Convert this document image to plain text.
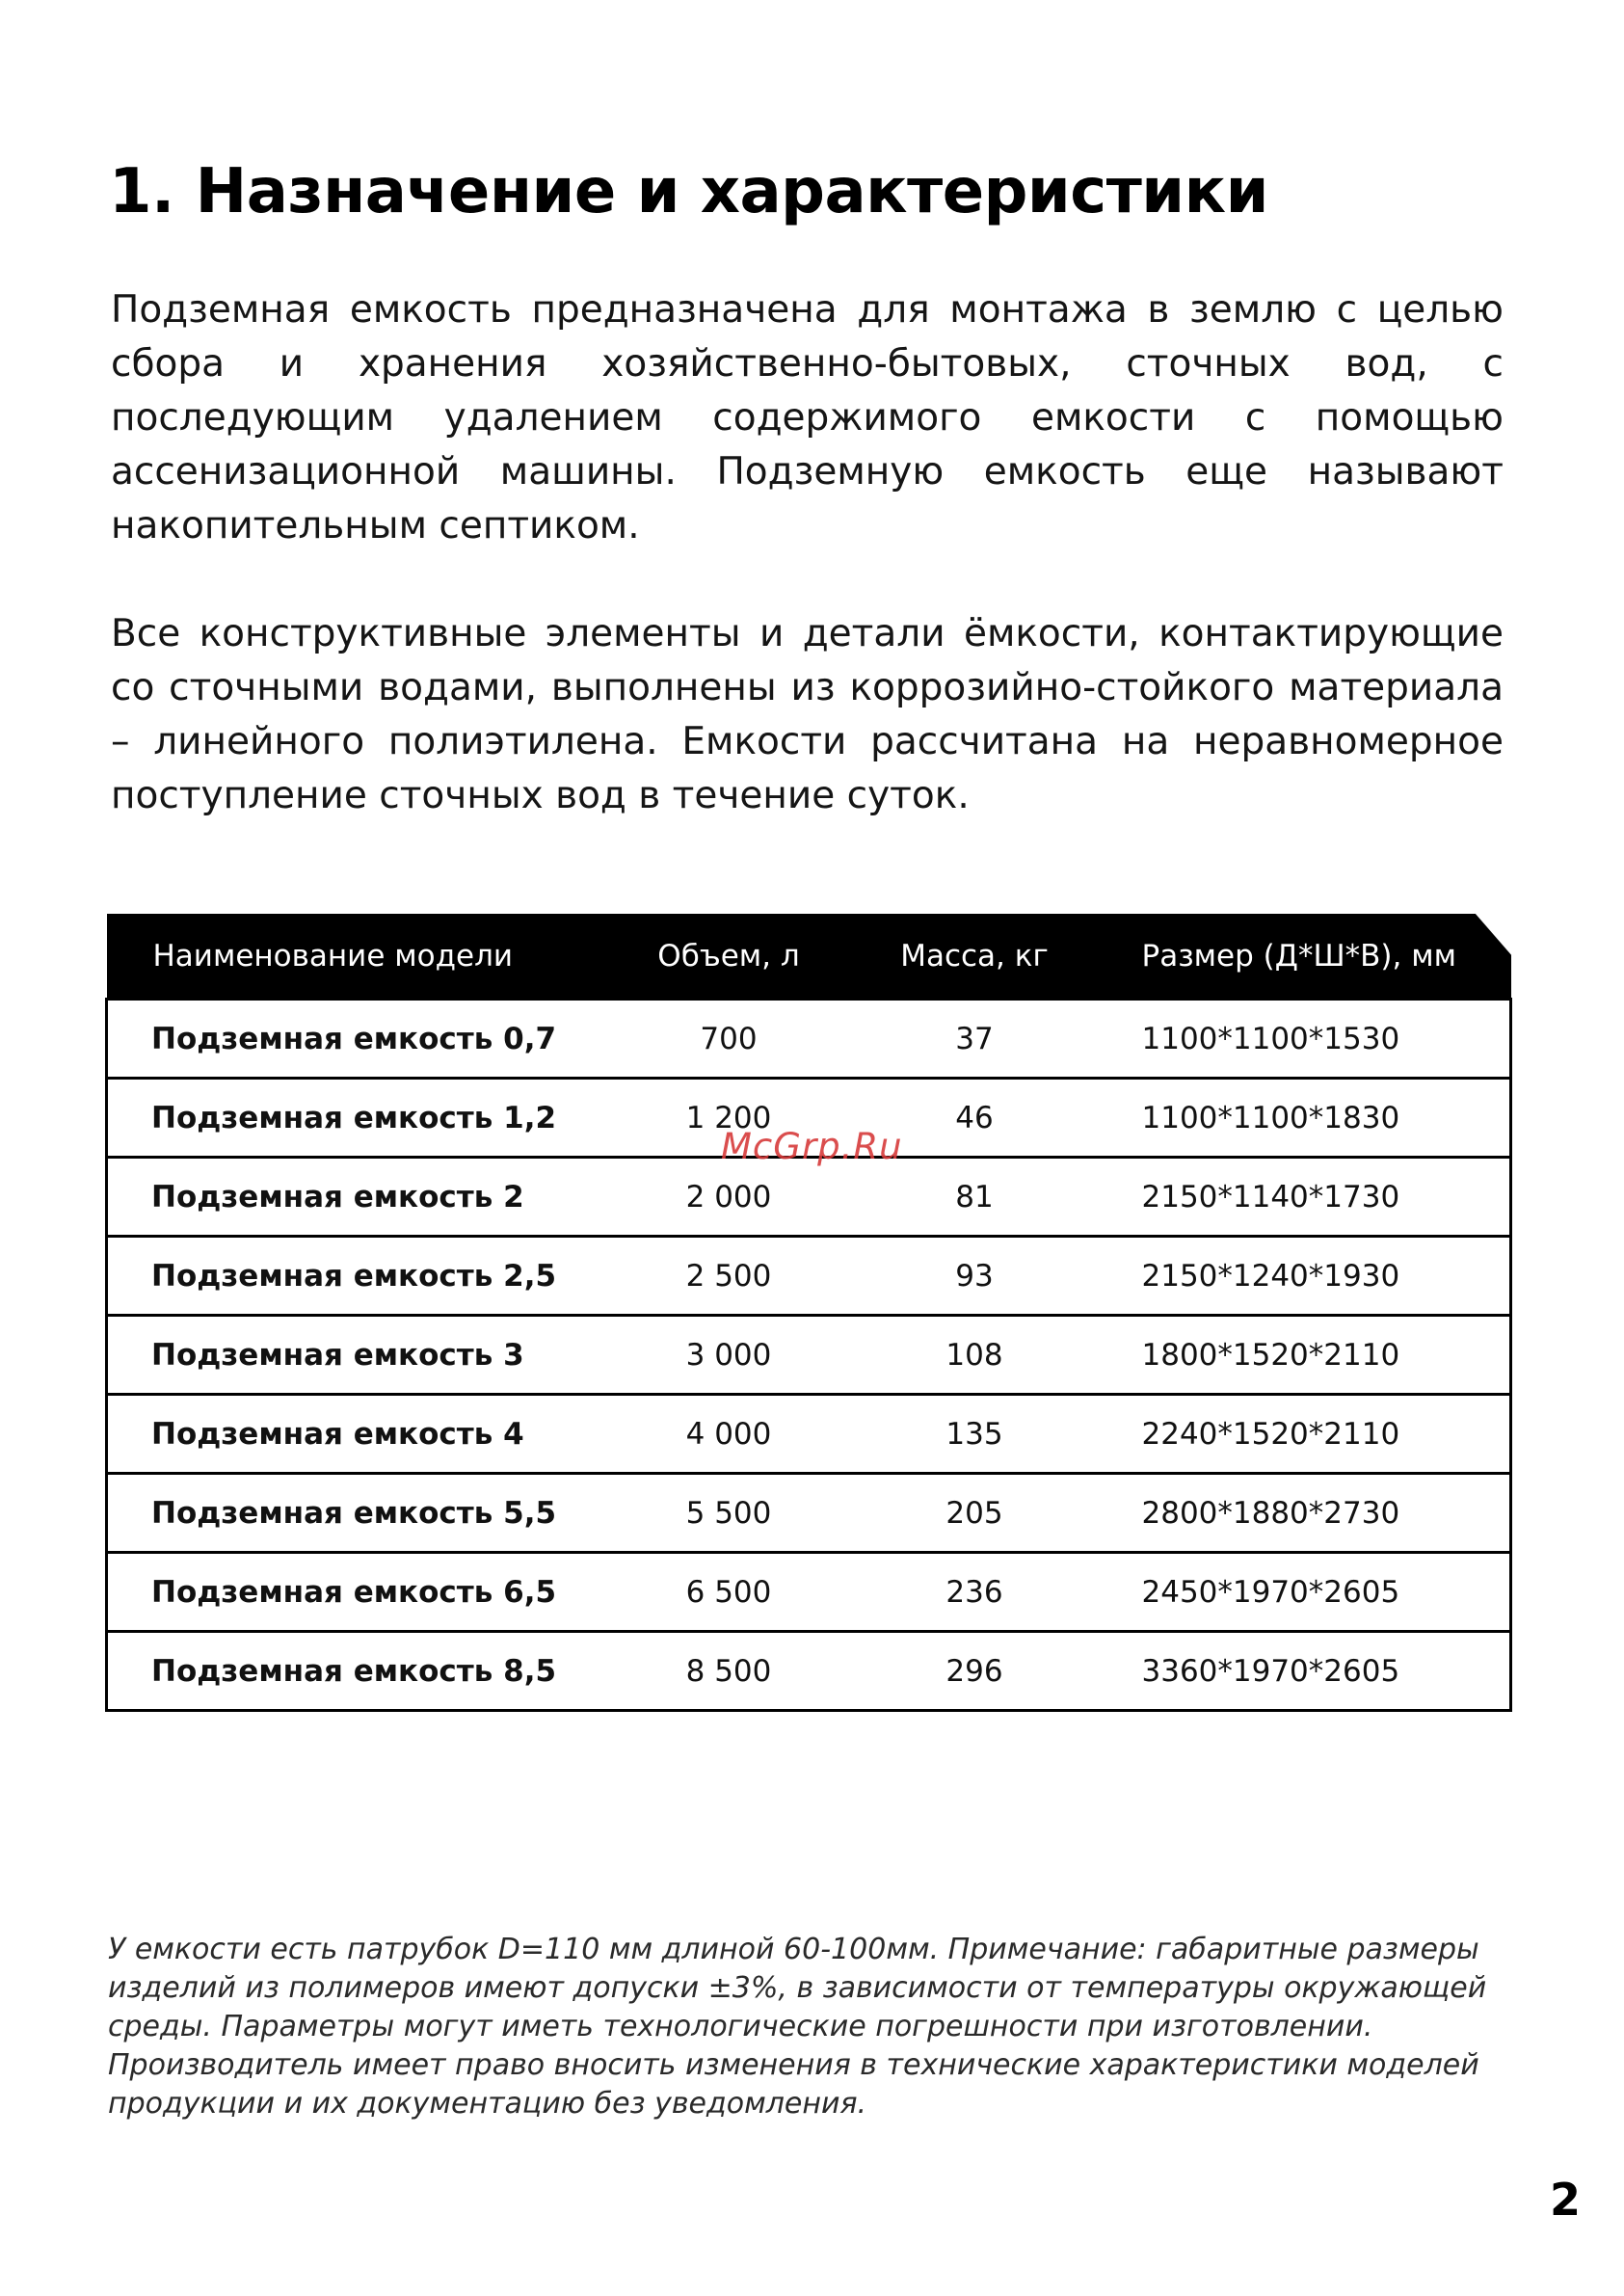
1. Назначение и характеристики

Подземная емкость предназначена для монтажа в землю с целью сбора и хранения хозяйственно-бытовых, сточных вод, с последующим удалением содержимого емкости с помощью ассенизационной машины. Подземную емкость еще называют накопительным септиком.

Все конструктивные элементы и детали ёмкости, контактирующие со сточными водами, выполнены из коррозийно-стойкого материала – линейного полиэтилена. Емкости рассчитана на неравномерное поступление сточных вод в течение суток.

Наименование модели	Объем, л	Масса, кг	Размер (Д*Ш*В), мм
Подземная емкость 0,7	700	37	1100*1100*1530
Подземная емкость 1,2	1 200	46	1100*1100*1830
Подземная емкость 2	2 000	81	2150*1140*1730
Подземная емкость 2,5	2 500	93	2150*1240*1930
Подземная емкость 3	3 000	108	1800*1520*2110
Подземная емкость 4	4 000	135	2240*1520*2110
Подземная емкость 5,5	5 500	205	2800*1880*2730
Подземная емкость 6,5	6 500	236	2450*1970*2605
Подземная емкость 8,5	8 500	296	3360*1970*2605
McGrp.Ru

У емкости есть патрубок D=110 мм длиной 60-100мм. Примечание: габаритные размеры изделий из полимеров имеют допуски ±3%, в зависимости от температуры окружающей среды. Параметры могут иметь технологические погрешности при изготовлении. Производитель имеет право вносить изменения в технические характеристики моделей продукции и их документацию без уведомления.

2
